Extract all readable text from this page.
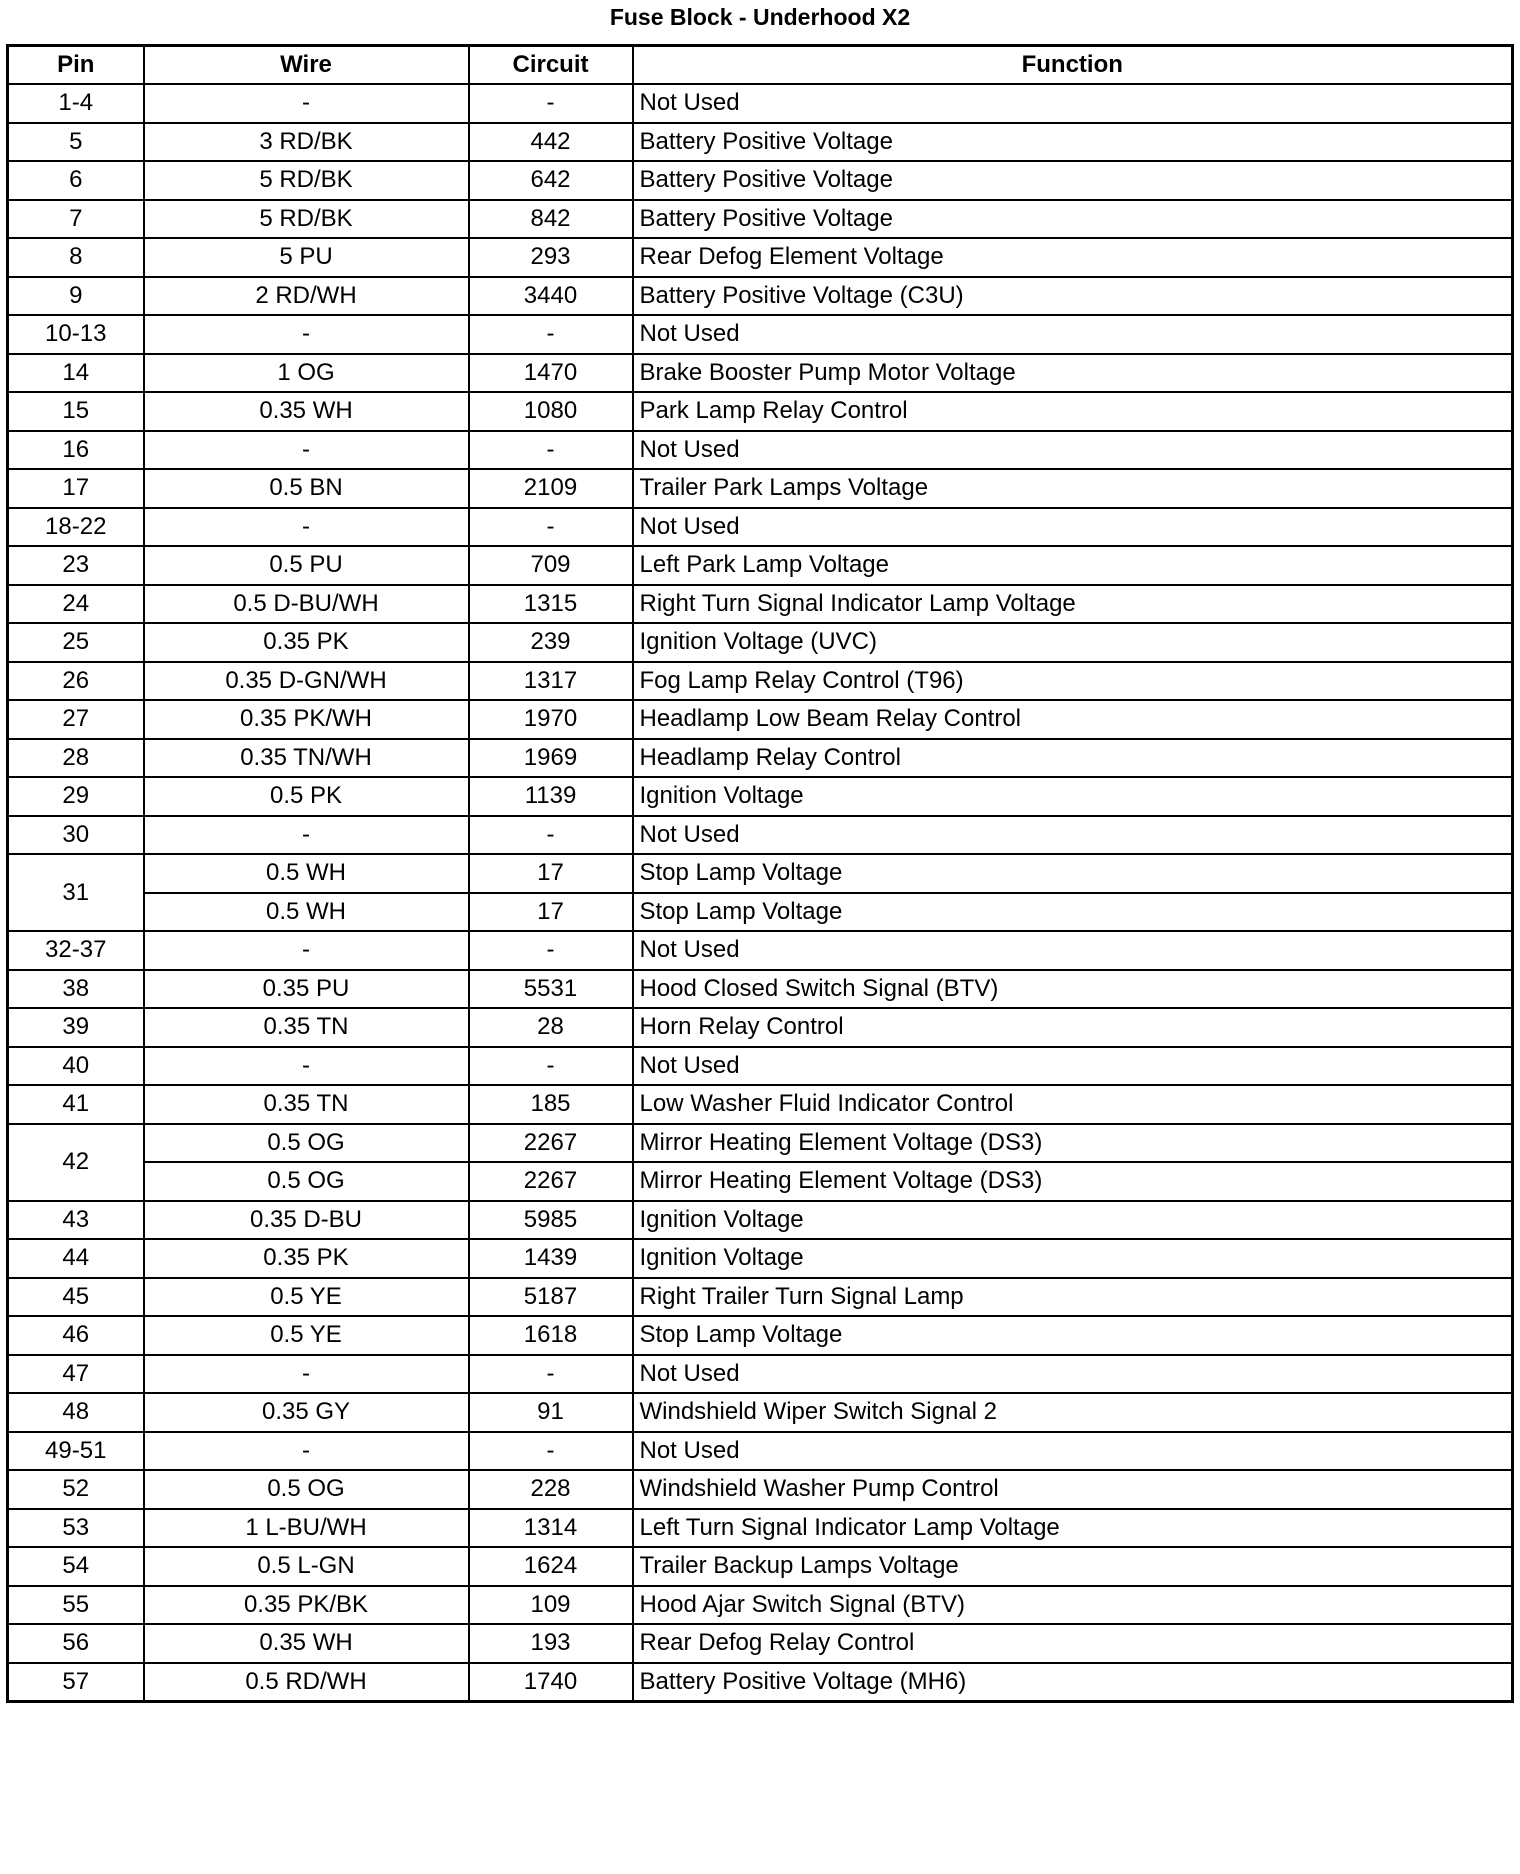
Fuse Block - Underhood X2
Pin	Wire	Circuit	Function
1-4	-	-	Not Used
5	3 RD/BK	442	Battery Positive Voltage
6	5 RD/BK	642	Battery Positive Voltage
7	5 RD/BK	842	Battery Positive Voltage
8	5 PU	293	Rear Defog Element Voltage
9	2 RD/WH	3440	Battery Positive Voltage (C3U)
10-13	-	-	Not Used
14	1 OG	1470	Brake Booster Pump Motor Voltage
15	0.35 WH	1080	Park Lamp Relay Control
16	-	-	Not Used
17	0.5 BN	2109	Trailer Park Lamps Voltage
18-22	-	-	Not Used
23	0.5 PU	709	Left Park Lamp Voltage
24	0.5 D-BU/WH	1315	Right Turn Signal Indicator Lamp Voltage
25	0.35 PK	239	Ignition Voltage (UVC)
26	0.35 D-GN/WH	1317	Fog Lamp Relay Control (T96)
27	0.35 PK/WH	1970	Headlamp Low Beam Relay Control
28	0.35 TN/WH	1969	Headlamp Relay Control
29	0.5 PK	1139	Ignition Voltage
30	-	-	Not Used
31	0.5 WH	17	Stop Lamp Voltage
	0.5 WH	17	Stop Lamp Voltage
32-37	-	-	Not Used
38	0.35 PU	5531	Hood Closed Switch Signal (BTV)
39	0.35 TN	28	Horn Relay Control
40	-	-	Not Used
41	0.35 TN	185	Low Washer Fluid Indicator Control
42	0.5 OG	2267	Mirror Heating Element Voltage (DS3)
	0.5 OG	2267	Mirror Heating Element Voltage (DS3)
43	0.35 D-BU	5985	Ignition Voltage
44	0.35 PK	1439	Ignition Voltage
45	0.5 YE	5187	Right Trailer Turn Signal Lamp
46	0.5 YE	1618	Stop Lamp Voltage
47	-	-	Not Used
48	0.35 GY	91	Windshield Wiper Switch Signal 2
49-51	-	-	Not Used
52	0.5 OG	228	Windshield Washer Pump Control
53	1 L-BU/WH	1314	Left Turn Signal Indicator Lamp Voltage
54	0.5 L-GN	1624	Trailer Backup Lamps Voltage
55	0.35 PK/BK	109	Hood Ajar Switch Signal (BTV)
56	0.35 WH	193	Rear Defog Relay Control
57	0.5 RD/WH	1740	Battery Positive Voltage (MH6)
